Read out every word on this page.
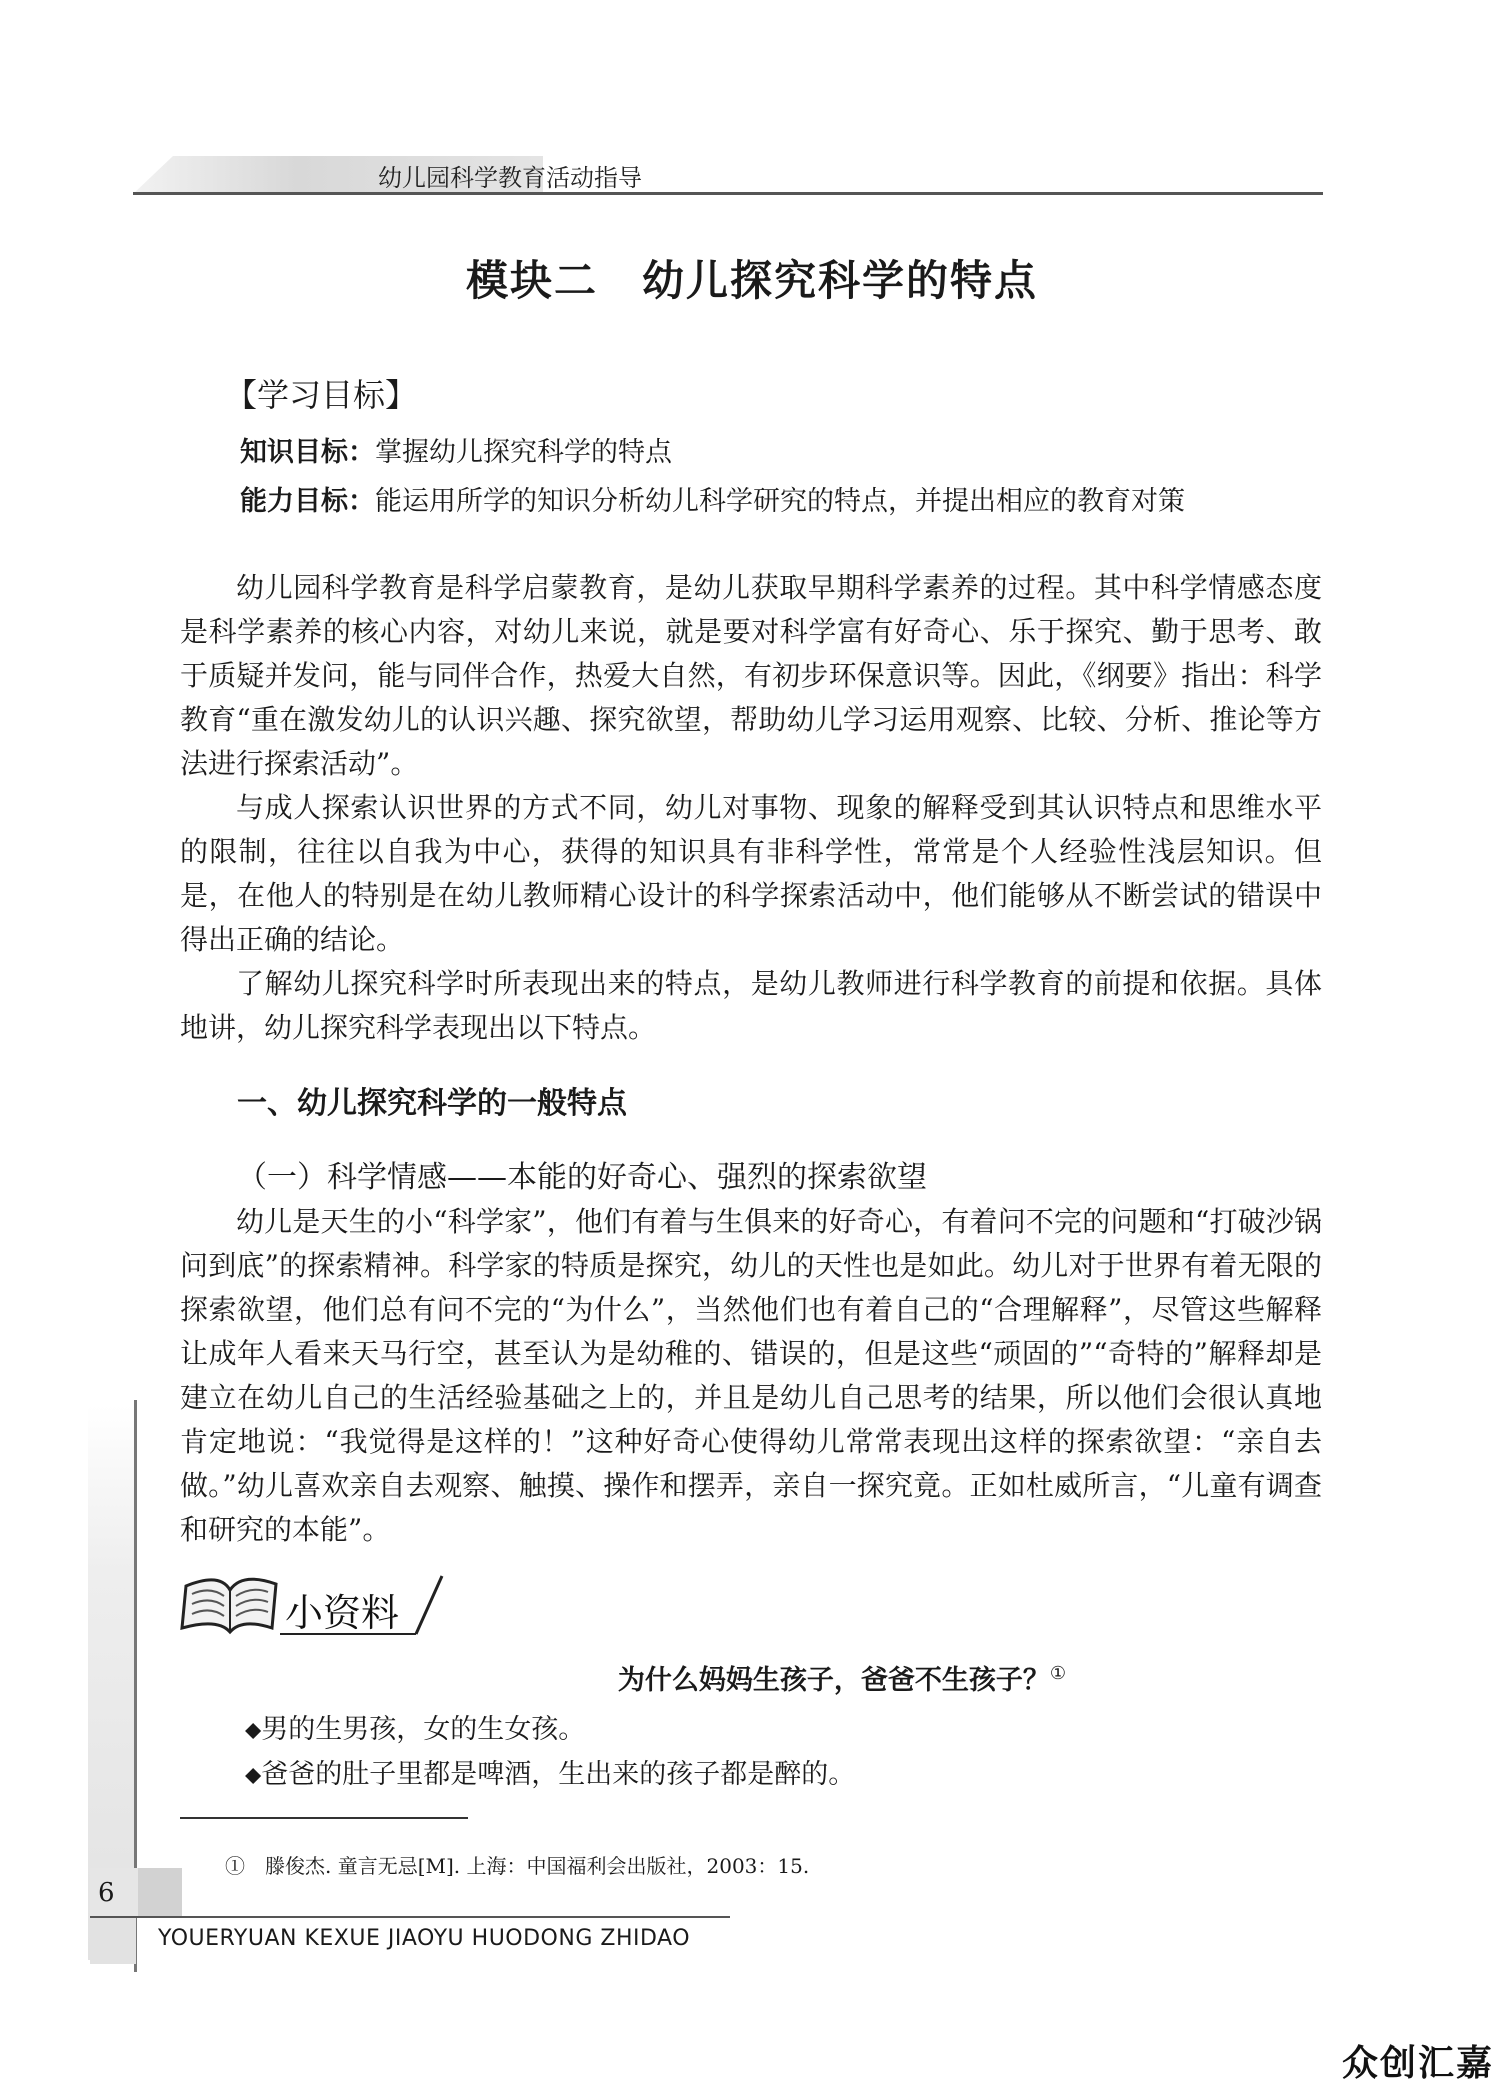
幼儿园科学教育活动指导
模块二　幼儿探究科学的特点
【学习目标】
知识目标：掌握幼儿探究科学的特点
能力目标：能运用所学的知识分析幼儿科学研究的特点，并提出相应的教育对策

幼儿园科学教育是科学启蒙教育，是幼儿获取早期科学素养的过程。其中科学情感态度是科学素养的核心内容，对幼儿来说，就是要对科学富有好奇心、乐于探究、勤于思考、敢于质疑并发问，能与同伴合作，热爱大自然，有初步环保意识等。因此，《纲要》指出：科学教育“重在激发幼儿的认识兴趣、探究欲望，帮助幼儿学习运用观察、比较、分析、推论等方法进行探索活动”。

与成人探索认识世界的方式不同，幼儿对事物、现象的解释受到其认识特点和思维水平的限制，往往以自我为中心，获得的知识具有非科学性，常常是个人经验性浅层知识。但是，在他人的特别是在幼儿教师精心设计的科学探索活动中，他们能够从不断尝试的错误中得出正确的结论。

了解幼儿探究科学时所表现出来的特点，是幼儿教师进行科学教育的前提和依据。具体地讲，幼儿探究科学表现出以下特点。

一、幼儿探究科学的一般特点
（一）科学情感——本能的好奇心、强烈的探索欲望

幼儿是天生的小“科学家”，他们有着与生俱来的好奇心，有着问不完的问题和“打破沙锅问到底”的探索精神。科学家的特质是探究，幼儿的天性也是如此。幼儿对于世界有着无限的探索欲望，他们总有问不完的“为什么”，当然他们也有着自己的“合理解释”，尽管这些解释让成年人看来天马行空，甚至认为是幼稚的、错误的，但是这些“顽固的”“奇特的”解释却是建立在幼儿自己的生活经验基础之上的，并且是幼儿自己思考的结果，所以他们会很认真地肯定地说：“我觉得是这样的！”这种好奇心使得幼儿常常表现出这样的探索欲望：“亲自去做。”幼儿喜欢亲自去观察、触摸、操作和摆弄，亲自一探究竟。正如杜威所言，“儿童有调查和研究的本能”。

小资料
为什么妈妈生孩子，爸爸不生孩子？①
◆男的生男孩，女的生女孩。
◆爸爸的肚子里都是啤酒，生出来的孩子都是醉的。
①　滕俊杰. 童言无忌[M]. 上海：中国福利会出版社，2003：15.
6
YOUERYUAN KEXUE JIAOYU HUODONG ZHIDAO
众创汇嘉
